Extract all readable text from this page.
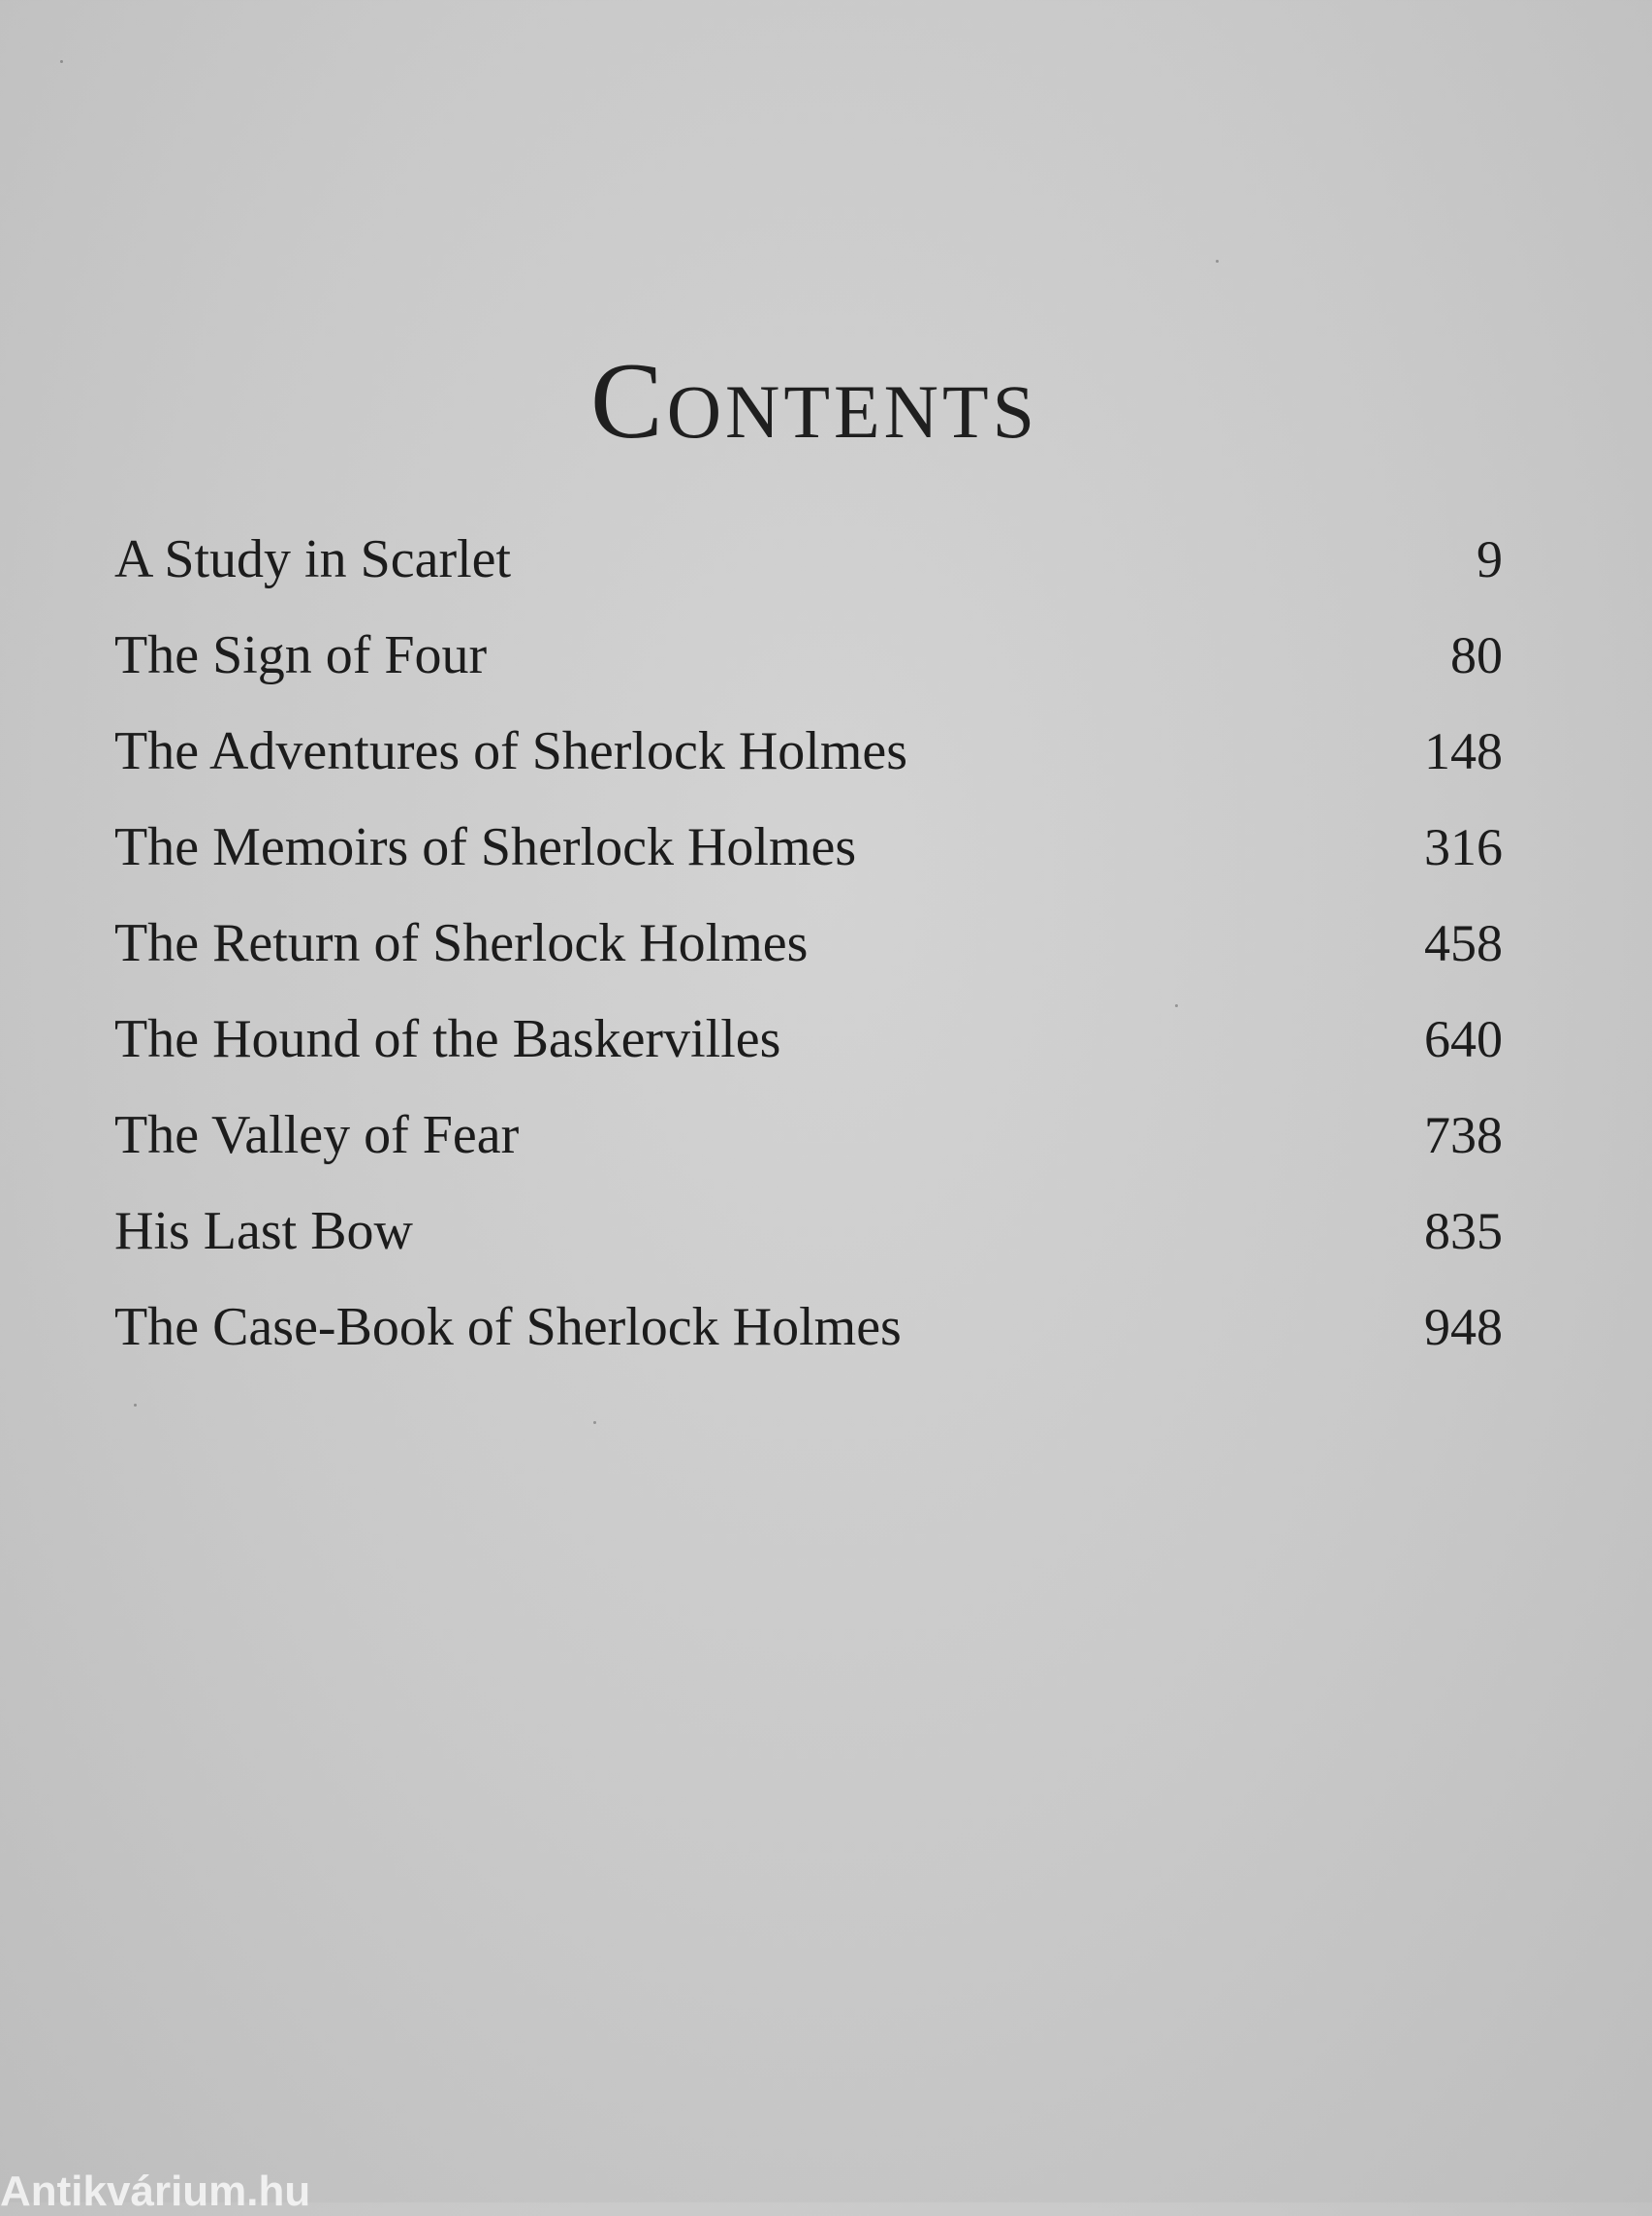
Contents
A Study in Scarlet	9
The Sign of Four	80
The Adventures of Sherlock Holmes	148
The Memoirs of Sherlock Holmes	316
The Return of Sherlock Holmes	458
The Hound of the Baskervilles	640
The Valley of Fear	738
His Last Bow	835
The Case-Book of Sherlock Holmes	948
Antikvárium.hu
